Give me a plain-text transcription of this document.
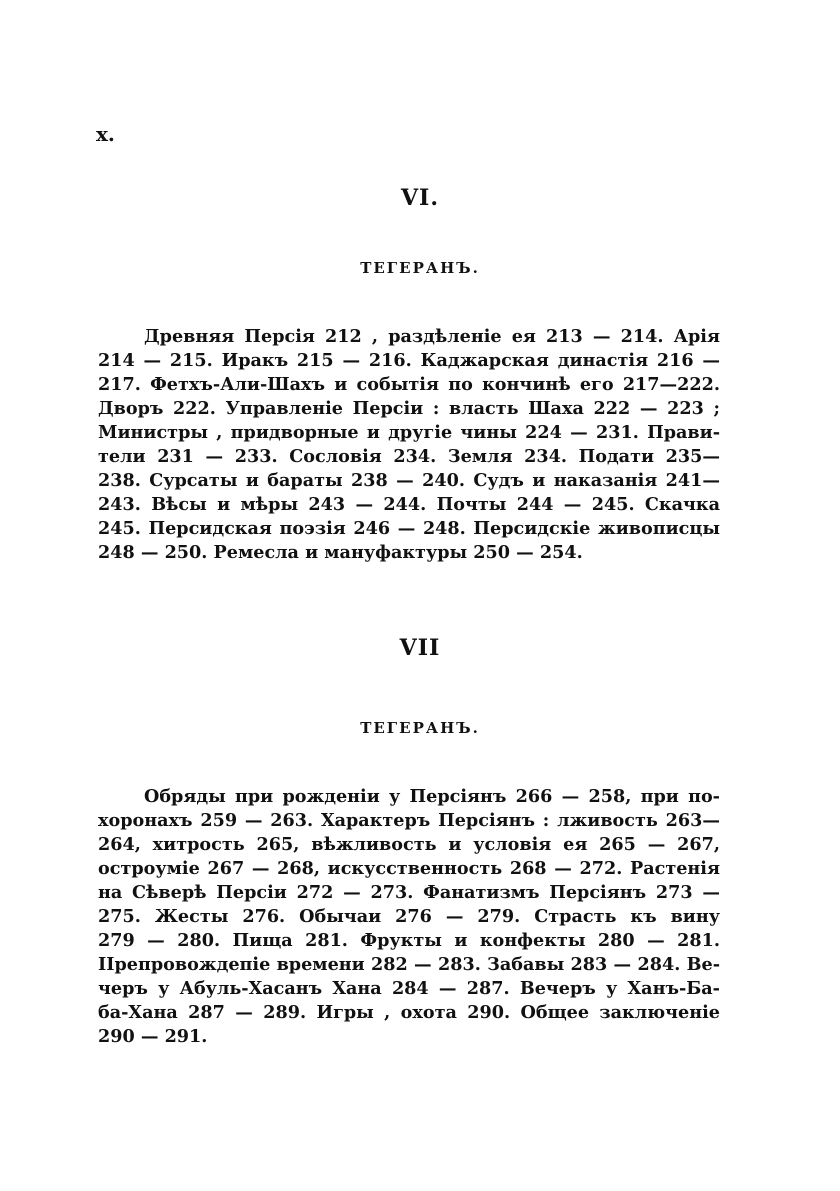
x.
VI.
ТЕГЕРАНЪ.
Древняя Персія 212 , раздѣленіе ея 213 — 214. Арія
214 — 215. Иракъ 215 — 216. Каджарская династія 216 —
217. Фетхъ-Али-Шахъ и событія по кончинѣ его 217—222.
Дворъ 222. Управленіе Персіи : власть Шаха 222 — 223 ;
Министры , придворные и другіе чины 224 — 231. Прави-
тели 231 — 233. Сословія 234. Земля 234. Подати 235—
238. Сурсаты и бараты 238 — 240. Судъ и наказанія 241—
243. Вѣсы и мѣры 243 — 244. Почты 244 — 245. Скачка
245. Персидская поэзія 246 — 248. Персидскіе живописцы
248 — 250. Ремесла и мануфактуры 250 — 254.
VII
ТЕГЕРАНЪ.
Обряды при рожденіи у Персіянъ 266 — 258, при по-
хоронахъ 259 — 263. Характеръ Персіянъ : лживость 263—
264, хитрость 265, вѣжливость и условія ея 265 — 267,
остроуміе 267 — 268, искусственность 268 — 272. Растенія
на Сѣверѣ Персіи 272 — 273. Фанатизмъ Персіянъ 273 —
275. Жесты 276. Обычаи 276 — 279. Страсть къ вину
279 — 280. Пища 281. Фрукты и конфекты 280 — 281.
IIрепровождепіе времени 282 — 283. Забавы 283 — 284. Ве-
черъ у Абуль-Хасанъ Хана 284 — 287. Вечеръ у Ханъ-Ба-
ба-Хана 287 — 289. Игры , охота 290. Общее заключеніе
290 — 291.
